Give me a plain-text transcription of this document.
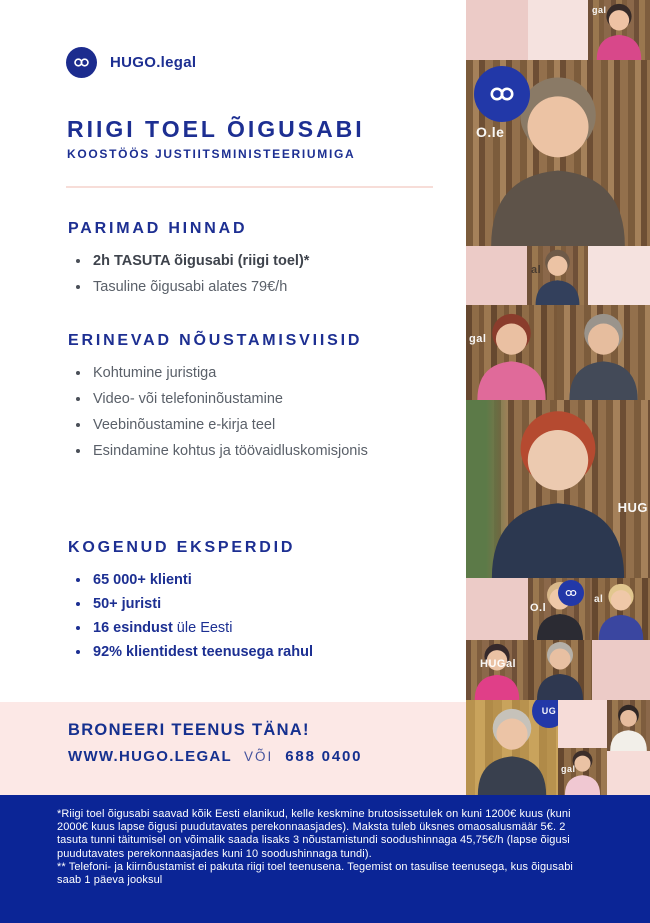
HUGO.legal
RIIGI TOEL ÕIGUSABI
KOOSTÖÖS JUSTIITSMINISTEERIUMIGA
PARIMAD HINNAD
2h TASUTA õigusabi (riigi toel)*
Tasuline õigusabi alates 79€/h
ERINEVAD NÕUSTAMISVIISID
Kohtumine juristiga
Video- või telefoninõustamine
Veebinõustamine e-kirja teel
Esindamine kohtus ja töövaidluskomisjonis
KOGENUD EKSPERDID
65 000+ klienti
50+ juristi
16 esindust üle Eesti
92% klientidest teenusega rahul
BRONEERI TEENUS TÄNA!
WWW.HUGO.LEGAL VÕI 688 0400
gal
O.le
al
gal
HUG
O.l
al
HUGal
UG
gal

*Riigi toel õigusabi saavad kõik Eesti elanikud, kelle keskmine brutosissetulek on kuni 1200€ kuus (kuni 2000€ kuus lapse õigusi puudutavates perekonnaasjades). Maksta tuleb üksnes omaosalusmäär 5€. 2 tasuta tunni täitumisel on võimalik saada lisaks 3 nõustamistundi soodushinnaga 45,75€/h (lapse õigusi puudutavates perekonnaasjades kuni 10 soodushinnaga tundi).

** Telefoni- ja kiirnõustamist ei pakuta riigi toel teenusena. Tegemist on tasulise teenusega, kus õigusabi saab 1 päeva jooksul
